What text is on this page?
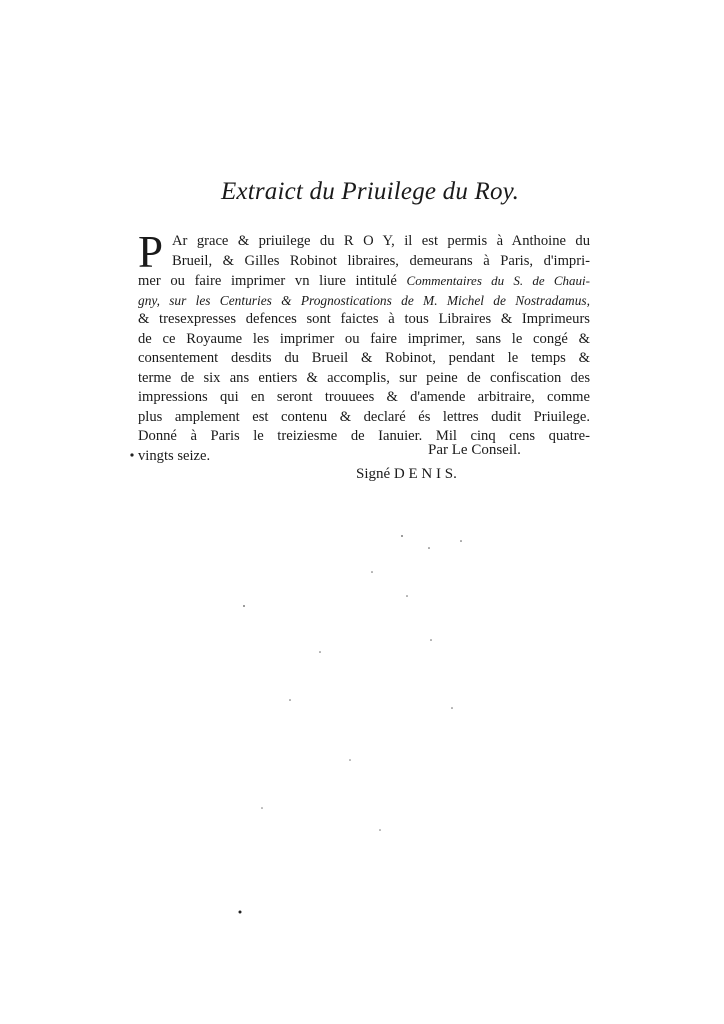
Extraict du Priuilege du Roy.
P Ar grace & priuilege du R O Y, il est permis à Anthoine du
Brueil, & Gilles Robinot libraires, demeurans à Paris, d'impri-
mer ou faire imprimer vn liure intitulé Commentaires du S. de Chaui-
gny, sur les Centuries & Prognostications de M. Michel de Nostradamus,
& tresexpresses defences sont faictes à tous Libraires & Imprimeurs
de ce Royaume les imprimer ou faire imprimer, sans le congé &
consentement desdits du Brueil & Robinot, pendant le temps &
terme de six ans entiers & accomplis, sur peine de confiscation des
impressions qui en seront trouuees & d'amende arbitraire, comme
plus amplement est contenu & declaré és lettres dudit Priuilege.
Donné à Paris le treiziesme de Ianuier. Mil cinq cens quatre-
vingts seize.	Par Le Conseil.
Signé D E N I S.
